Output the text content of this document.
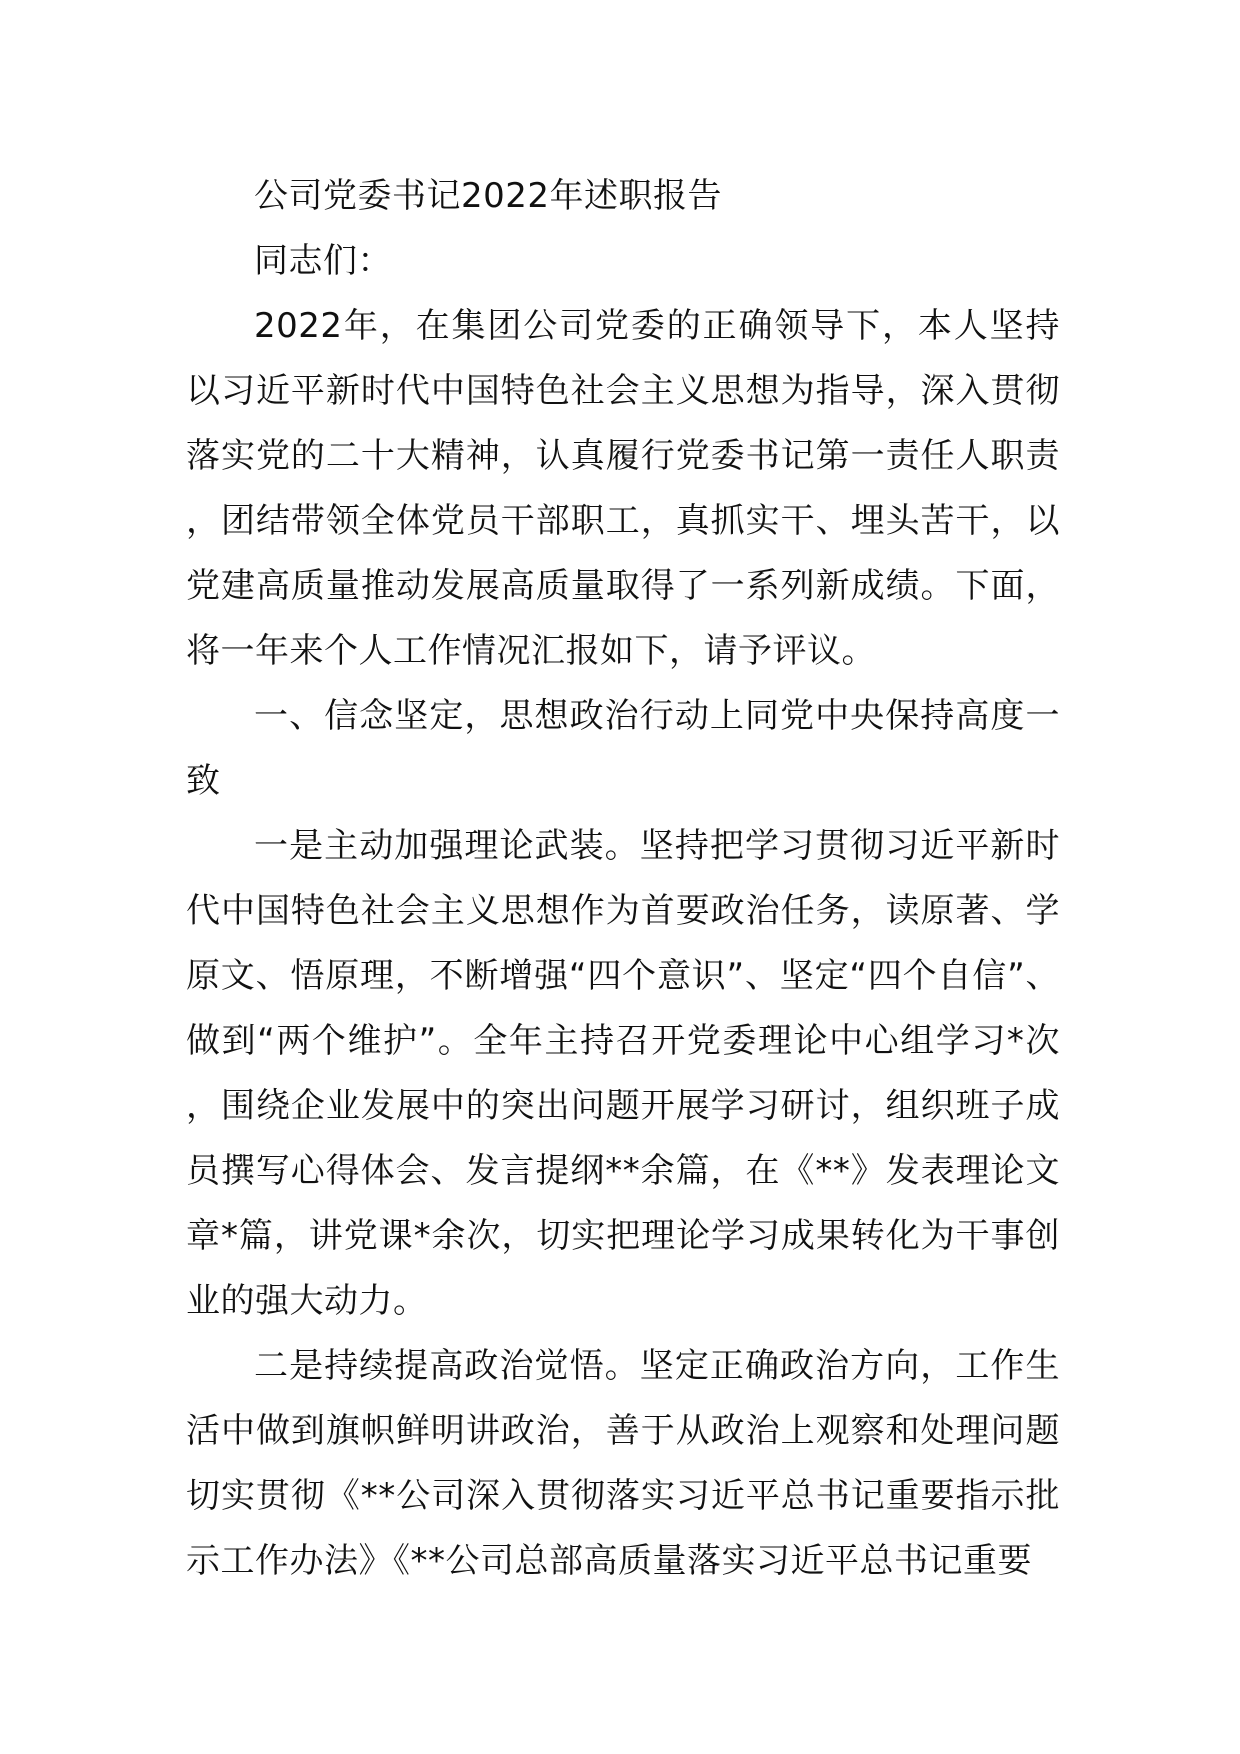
公司党委书记2022年述职报告

同志们：

2022年，在集团公司党委的正确领导下，本人坚持以习近平新时代中国特色社会主义思想为指导，深入贯彻落实党的二十大精神，认真履行党委书记第一责任人职责，团结带领全体党员干部职工，真抓实干、埋头苦干，以党建高质量推动发展高质量取得了一系列新成绩。下面，将一年来个人工作情况汇报如下，请予评议。

一、信念坚定，思想政治行动上同党中央保持高度一致

一是主动加强理论武装。坚持把学习贯彻习近平新时代中国特色社会主义思想作为首要政治任务，读原著、学原文、悟原理，不断增强“四个意识”、坚定“四个自信”、做到“两个维护”。全年主持召开党委理论中心组学习*次，围绕企业发展中的突出问题开展学习研讨，组织班子成员撰写心得体会、发言提纲**余篇，在《**》发表理论文章*篇，讲党课*余次，切实把理论学习成果转化为干事创业的强大动力。

二是持续提高政治觉悟。坚定正确政治方向，工作生活中做到旗帜鲜明讲政治，善于从政治上观察和处理问题切实贯彻《**公司深入贯彻落实习近平总书记重要指示批示工作办法》《**公司总部高质量落实习近平总书记重要
